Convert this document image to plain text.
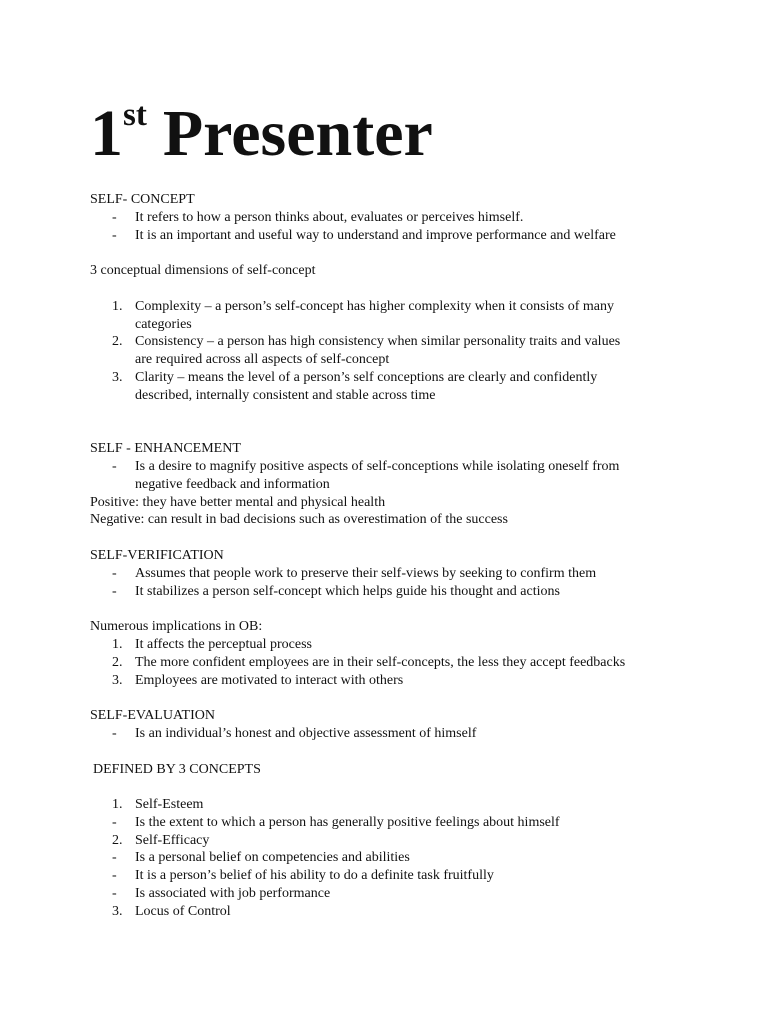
1st Presenter
SELF- CONCEPT
-	It refers to how a person thinks about, evaluates or perceives himself.
-	It is an important and useful way to understand and improve performance and welfare
3 conceptual dimensions of self-concept
1. Complexity – a person’s self-concept has higher complexity when it consists of many
categories
2. Consistency – a person has high consistency when similar personality traits and values
are required across all aspects of self-concept
3. Clarity – means the level of a person’s self conceptions are clearly and confidently
described, internally consistent and stable across time
SELF - ENHANCEMENT
-	Is a desire to magnify positive aspects of self-conceptions while isolating oneself from
negative feedback and information
Positive: they have better mental and physical health
Negative: can result in bad decisions such as overestimation of the success
SELF-VERIFICATION
-	Assumes that people work to preserve their self-views by seeking to confirm them
-	It stabilizes a person self-concept which helps guide his thought and actions
Numerous implications in OB:
1. It affects the perceptual process
2. The more confident employees are in their self-concepts, the less they accept feedbacks
3. Employees are motivated to interact with others
SELF-EVALUATION
-	Is an individual’s honest and objective assessment of himself
DEFINED BY 3 CONCEPTS
1. Self-Esteem
-	Is the extent to which a person has generally positive feelings about himself
2. Self-Efficacy
-	Is a personal belief on competencies and abilities
-	It is a person’s belief of his ability to do a definite task fruitfully
-	Is associated with job performance
3. Locus of Control
